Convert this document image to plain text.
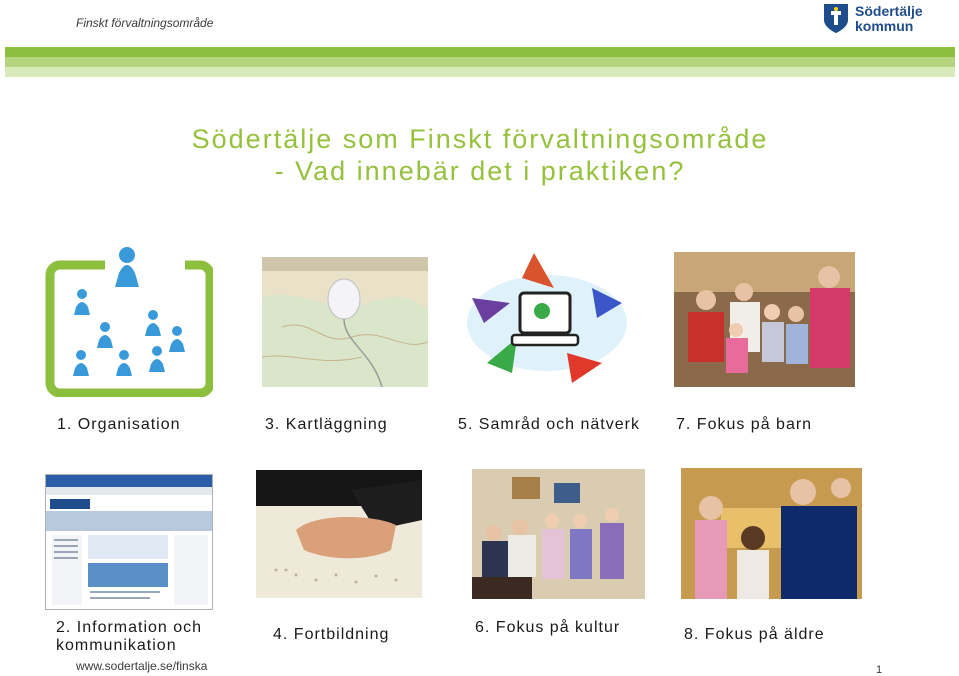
Finskt förvaltningsområde
Södertälje
kommun
Södertälje som Finskt förvaltningsområde
- Vad innebär det i praktiken?
1. Organisation	3. Kartläggning	5. Samråd och nätverk 7. Fokus på barn
2. Information och
kommunikation
4. Fortbildning	6. Fokus på kultur	8. Fokus på äldre
www.sodertalje.se/finska	1
